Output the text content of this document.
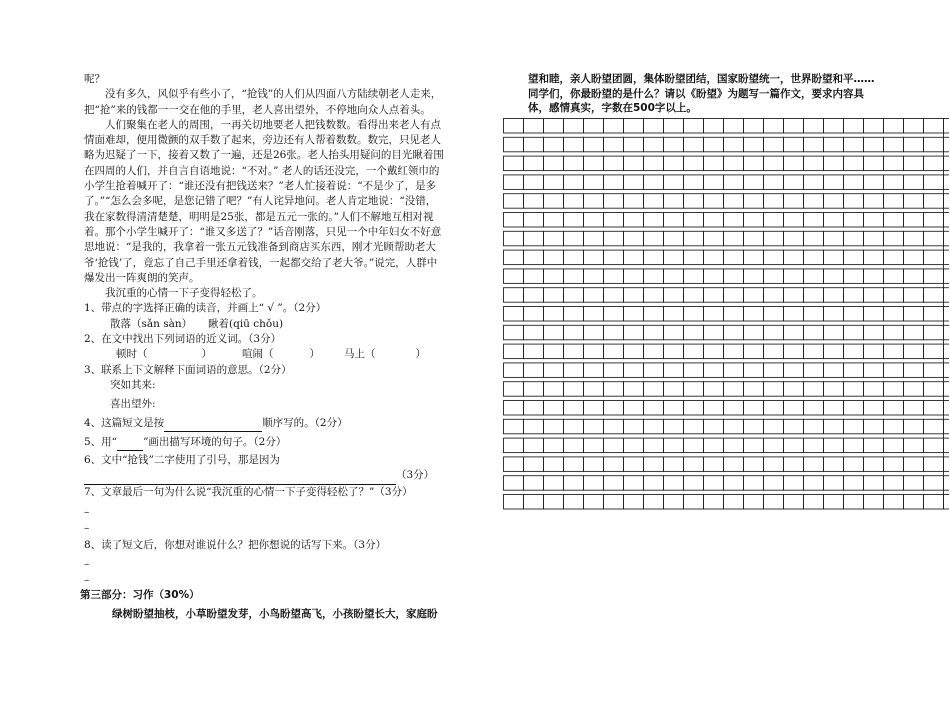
呢？

没有多久，风似乎有些小了，“抢钱”的人们从四面八方陆续朝老人走来，把“抢”来的钱都一一交在他的手里，老人喜出望外，不停地向众人点着头。

人们聚集在老人的周围，一再关切地要老人把钱数数。看得出来老人有点情面难却，便用微颤的双手数了起来，旁边还有人帮着数数。数完，只见老人略为迟疑了一下，接着又数了一遍，还是26张。老人抬头用疑问的目光瞅着围在四周的人们，并自言自语地说：“不对。” 老人的话还没完，一个戴红领巾的小学生抢着喊开了：“谁还没有把钱送来？”老人忙接着说：“不是少了，是多了。”“怎么会多呢，是您记错了吧？”有人诧异地问。老人肯定地说：“没错，我在家数得清清楚楚，明明是25张，都是五元一张的。”人们不解地互相对视着。那个小学生喊开了：“谁又多送了？”话音刚落，只见一个中年妇女不好意思地说：“是我的，我拿着一张五元钱准备到商店买东西，刚才光顾帮助老大爷‘抢钱’了，竟忘了自己手里还拿着钱，一起都交给了老大爷。”说完，人群中爆发出一阵爽朗的笑声。

我沉重的心情一下子变得轻松了。

1、带点的字选择正确的读音，并画上“ √ ”。（2分）

散落（sǎn sàn）	瞅着(qiū chǒu)

2、在文中找出下列词语的近义词。（3分）

顿时（	）	喧闹（	） 马上（	）

3、联系上下文解释下面词语的意思。（2分）

突如其来:

喜出望外:

4、这篇短文是按	顺序写的。（2分）

5、用“ ”画出描写环境的句子。（2分）

6、文中“抢钱”二字使用了引号，那是因为

（3分）

7、文章最后一句为什么说“我沉重的心情一下子变得轻松了？”（3分）

–

–

8、读了短文后，你想对谁说什么？把你想说的话写下来。（3分）

–

–

第三部分：习作（30%）

绿树盼望抽枝，小草盼望发芽，小鸟盼望高飞，小孩盼望长大，家庭盼

望和睦，亲人盼望团圆，集体盼望团结，国家盼望统一，世界盼望和平……同学们，你最盼望的是什么？请以《盼望》为题写一篇作文，要求内容具体，感情真实，字数在500字以上。
